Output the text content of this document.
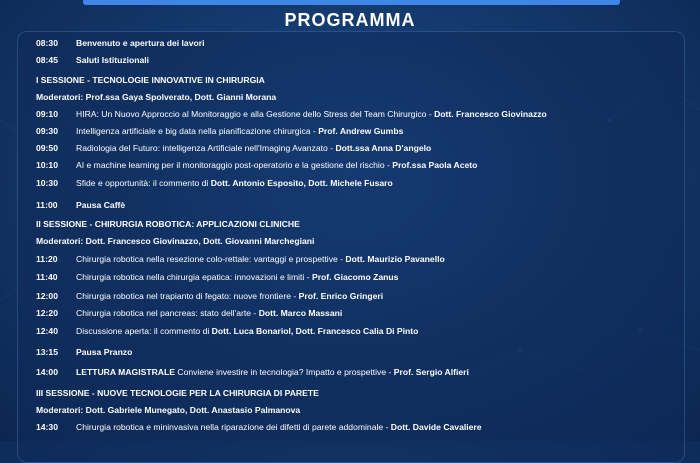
PROGRAMMA
08:30	Benvenuto e apertura dei lavori
08:45	Saluti Istituzionali
I SESSIONE - TECNOLOGIE INNOVATIVE IN CHIRURGIA
Moderatori: Prof.ssa Gaya Spolverato, Dott. Gianni Morana
09:10	HIRA: Un Nuovo Approccio al Monitoraggio e alla Gestione dello Stress del Team Chirurgico - Dott. Francesco Giovinazzo
09:30	Intelligenza artificiale e big data nella pianificazione chirurgica - Prof. Andrew Gumbs
09:50	Radiologia del Futuro: intelligenza Artificiale nell'Imaging Avanzato - Dott.ssa Anna D'angelo
10:10	AI e machine learning per il monitoraggio post-operatorio e la gestione del rischio - Prof.ssa Paola Aceto
10:30	Sfide e opportunità: il commento di Dott. Antonio Esposito, Dott. Michele Fusaro
11:00	Pausa Caffè
II SESSIONE - CHIRURGIA ROBOTICA: APPLICAZIONI CLINICHE
Moderatori: Dott. Francesco Giovinazzo, Dott. Giovanni Marchegiani
11:20	Chirurgia robotica nella resezione colo-rettale: vantaggi e prospettive - Dott. Maurizio Pavanello
11:40	Chirurgia robotica nella chirurgia epatica: innovazioni e limiti - Prof. Giacomo Zanus
12:00	Chirurgia robotica nel trapianto di fegato: nuove frontiere - Prof. Enrico Gringeri
12:20	Chirurgia robotica nel pancreas: stato dell'arte - Dott. Marco Massani
12:40	Discussione aperta: il commento di Dott. Luca Bonariol, Dott. Francesco Calia Di Pinto
13:15	Pausa Pranzo
14:00	LETTURA MAGISTRALE Conviene investire in tecnologia? Impatto e prospettive - Prof. Sergio Alfieri
III SESSIONE - NUOVE TECNOLOGIE PER LA CHIRURGIA DI PARETE
Moderatori: Dott. Gabriele Munegato, Dott. Anastasio Palmanova
14:30	Chirurgia robotica e mininvasiva nella riparazione dei difetti di parete addominale - Dott. Davide Cavaliere
